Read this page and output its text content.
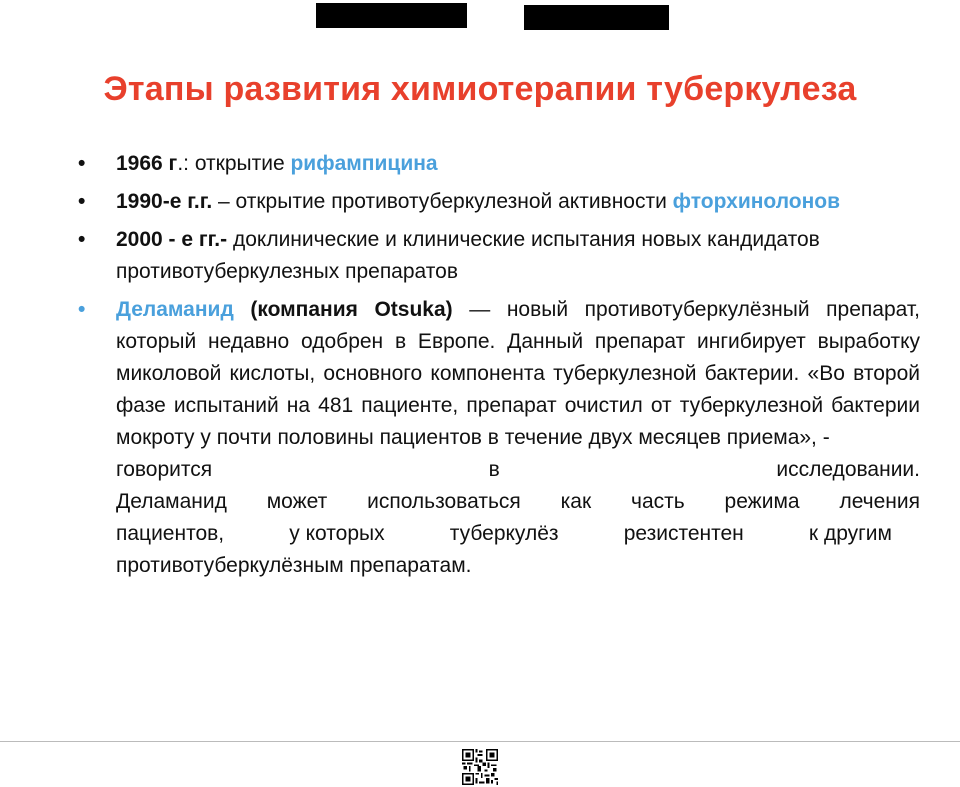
Этапы развития химиотерапии туберкулеза
•	1966 г.: открытие рифампицина
•	1990-е г.г. – открытие противотуберкулезной активности фторхинолонов
•	2000 - е гг.- доклинические и клинические испытания новых кандидатов противотуберкулезных препаратов
•	Деламанид (компания Otsuka) — новый противотуберкулёзный препарат, который недавно одобрен в Европе. Данный препарат ингибирует выработку миколовой кислоты, основного компонента туберкулезной бактерии. «Во второй фазе испытаний на 481 пациенте, препарат очистил от туберкулезной бактерии мокроту у почти половины пациентов в течение двух месяцев приема», -
говорится	в	исследовании.
Деламанид может использоваться как часть режима лечения
пациентов,	у которых	туберкулёз	резистентен	к другим
противотуберкулёзным препаратам.
